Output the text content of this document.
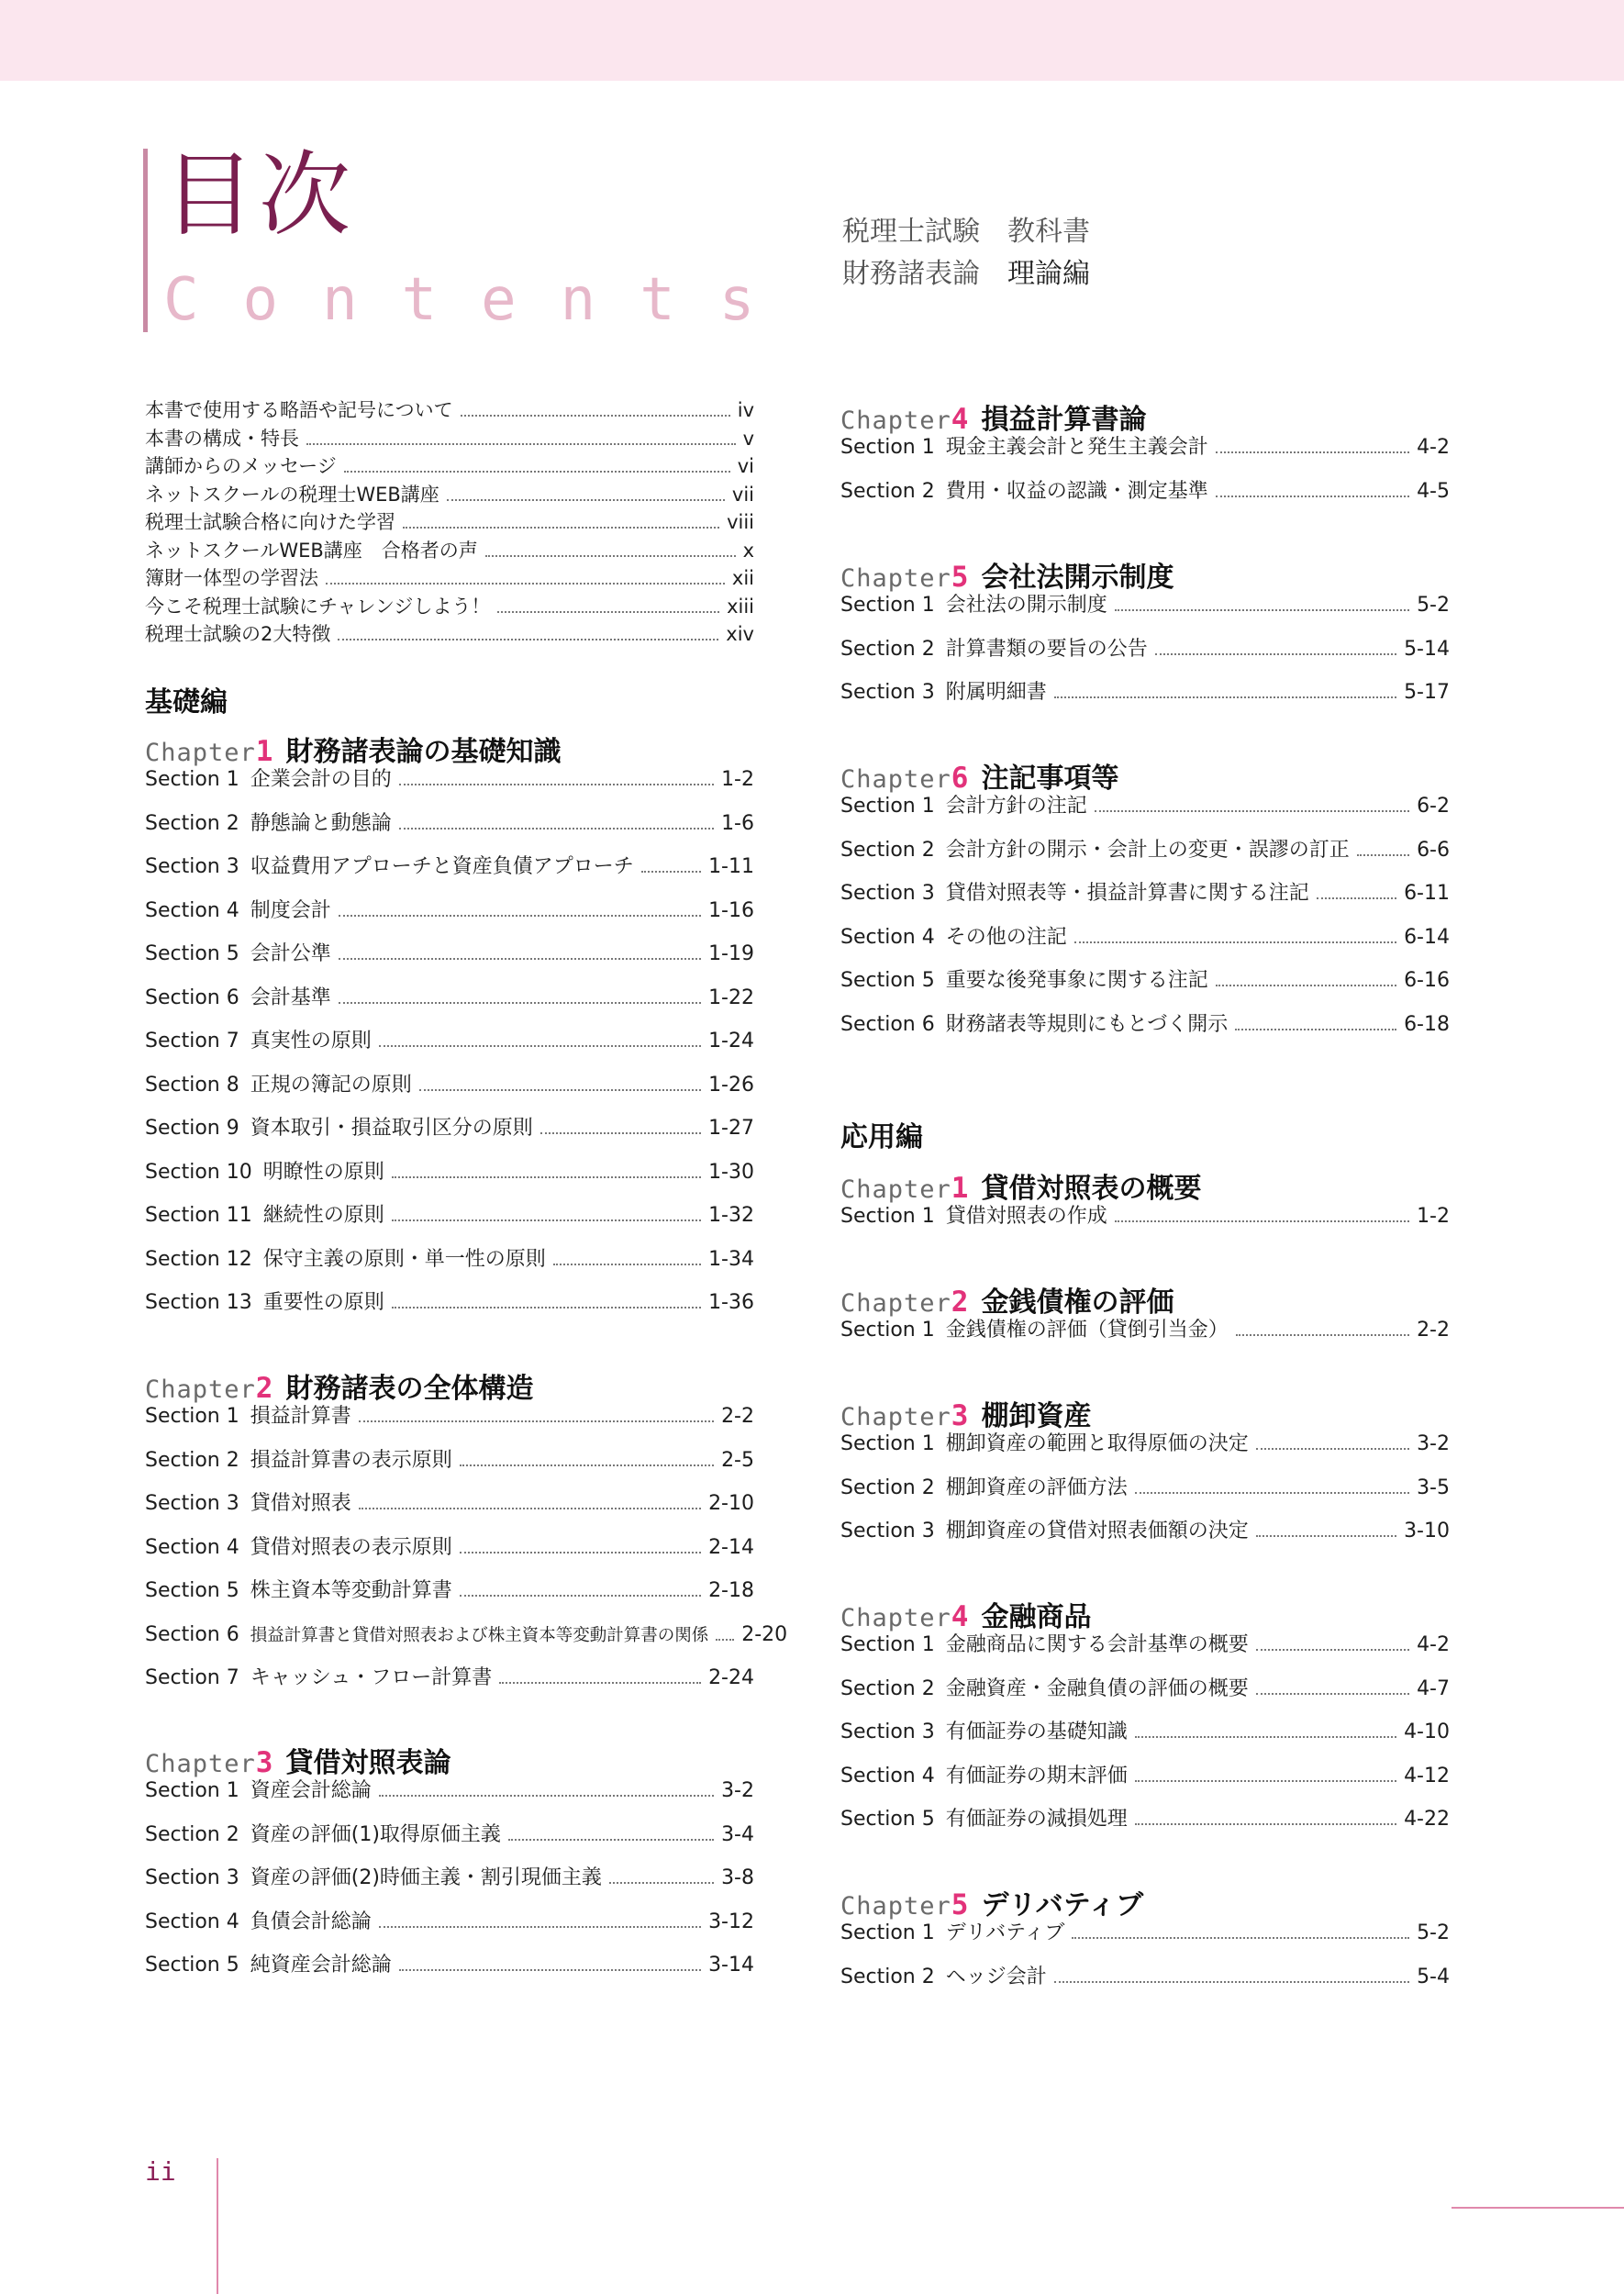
目次
Contents
税理士試験　教科書
財務諸表論　 理論編
本書で使用する略語や記号について	iv
本書の構成・特長	v
講師からのメッセージ	vi
ネットスクールの税理士WEB講座	vii
税理士試験合格に向けた学習	viii
ネットスクールWEB講座　合格者の声	x
簿財一体型の学習法	xii
今こそ税理士試験にチャレンジしよう！	xiii
税理士試験の2大特徴	xiv
基礎編
Chapter 1 財務諸表論の基礎知識
Section 1 企業会計の目的	1-2
Section 2 静態論と動態論	1-6
Section 3 収益費用アプローチと資産負債アプローチ	1-11
Section 4 制度会計	1-16
Section 5 会計公準	1-19
Section 6 会計基準	1-22
Section 7 真実性の原則	1-24
Section 8 正規の簿記の原則	1-26
Section 9 資本取引・損益取引区分の原則	1-27
Section 10 明瞭性の原則	1-30
Section 11 継続性の原則	1-32
Section 12 保守主義の原則・単一性の原則	1-34
Section 13 重要性の原則	1-36
Chapter 2 財務諸表の全体構造
Section 1 損益計算書	2-2
Section 2 損益計算書の表示原則	2-5
Section 3 貸借対照表	2-10
Section 4 貸借対照表の表示原則	2-14
Section 5 株主資本等変動計算書	2-18
Section 6 損益計算書と貸借対照表および株主資本等変動計算書の関係 2-20
Section 7 キャッシュ・フロー計算書	2-24
Chapter 3 貸借対照表論
Section 1 資産会計総論	3-2
Section 2 資産の評価(1)取得原価主義	3-4
Section 3 資産の評価(2)時価主義・割引現価主義	3-8
Section 4 負債会計総論	3-12
Section 5 純資産会計総論	3-14
Chapter 4 損益計算書論
Section 1 現金主義会計と発生主義会計	4-2
Section 2 費用・収益の認識・測定基準	4-5
Chapter 5 会社法開示制度
Section 1 会社法の開示制度	5-2
Section 2 計算書類の要旨の公告	5-14
Section 3 附属明細書	5-17
Chapter 6 注記事項等
Section 1 会計方針の注記	6-2
Section 2 会計方針の開示・会計上の変更・誤謬の訂正	6-6
Section 3 貸借対照表等・損益計算書に関する注記	6-11
Section 4 その他の注記	6-14
Section 5 重要な後発事象に関する注記	6-16
Section 6 財務諸表等規則にもとづく開示	6-18
応用編
Chapter 1 貸借対照表の概要
Section 1 貸借対照表の作成	1-2
Chapter 2 金銭債権の評価
Section 1 金銭債権の評価（貸倒引当金）	2-2
Chapter 3 棚卸資産
Section 1 棚卸資産の範囲と取得原価の決定	3-2
Section 2 棚卸資産の評価方法	3-5
Section 3 棚卸資産の貸借対照表価額の決定	3-10
Chapter 4 金融商品
Section 1 金融商品に関する会計基準の概要	4-2
Section 2 金融資産・金融負債の評価の概要	4-7
Section 3 有価証券の基礎知識	4-10
Section 4 有価証券の期末評価	4-12
Section 5 有価証券の減損処理	4-22
Chapter 5 デリバティブ
Section 1 デリバティブ	5-2
Section 2 ヘッジ会計	5-4
ii
